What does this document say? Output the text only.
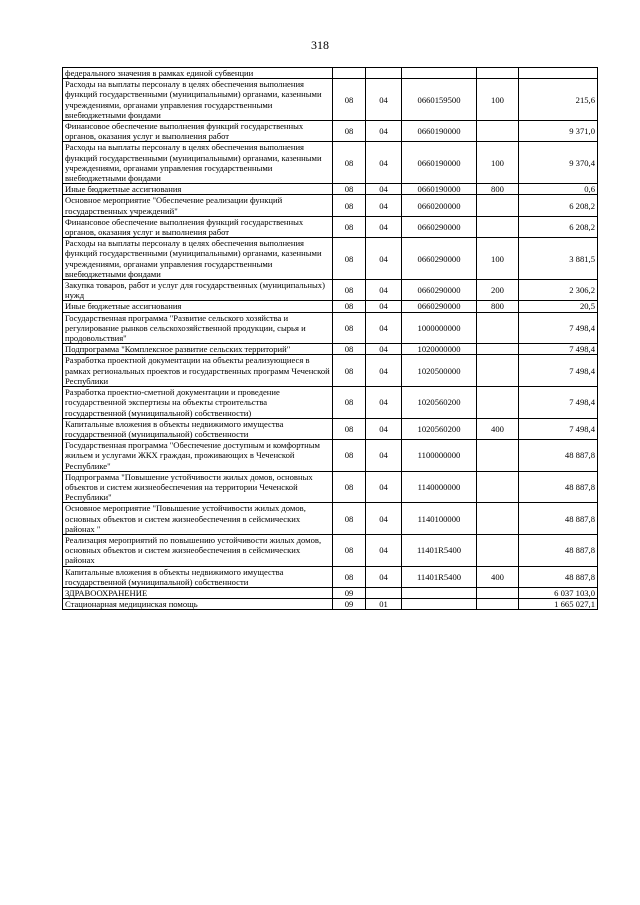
318
федерального значения в рамках единой субвенции					
Расходы на выплаты персоналу в целях обеспечения выполнения функций государственными (муниципальными) органами, казенными учреждениями, органами управления государственными внебюджетными фондами	08	04	0660159500	100	215,6
Финансовое обеспечение выполнения функций государственных органов, оказания услуг и выполнения работ	08	04	0660190000		9 371,0
Расходы на выплаты персоналу в целях обеспечения выполнения функций государственными (муниципальными) органами, казенными учреждениями, органами управления государственными внебюджетными фондами	08	04	0660190000	100	9 370,4
Иные бюджетные ассигнования	08	04	0660190000	800	0,6
Основное мероприятие "Обеспечение реализации функций государственных учреждений"	08	04	0660200000		6 208,2
Финансовое обеспечение выполнения функций государственных органов, оказания услуг и выполнения работ	08	04	0660290000		6 208,2
Расходы на выплаты персоналу в целях обеспечения выполнения функций государственными (муниципальными) органами, казенными учреждениями, органами управления государственными внебюджетными фондами	08	04	0660290000	100	3 881,5
Закупка товаров, работ и услуг для государственных (муниципальных) нужд	08	04	0660290000	200	2 306,2
Иные бюджетные ассигнования	08	04	0660290000	800	20,5
Государственная программа "Развитие сельского хозяйства и регулирование рынков сельскохозяйственной продукции, сырья и продовольствия"	08	04	1000000000		7 498,4
Подпрограмма "Комплексное развитие сельских территорий"	08	04	1020000000		7 498,4
Разработка проектной документации на объекты реализующиеся в рамках региональных проектов и государственных программ Чеченской Республики	08	04	1020500000		7 498,4
Разработка проектно-сметной документации и проведение государственной экспертизы на объекты строительства государственной (муниципальной) собственности)	08	04	1020560200		7 498,4
Капитальные вложения в объекты недвижимого имущества государственной (муниципальной) собственности	08	04	1020560200	400	7 498,4
Государственная программа "Обеспечение доступным и комфортным жильем и услугами ЖКХ граждан, проживающих в Чеченской Республике"	08	04	1100000000		48 887,8
Подпрограмма "Повышение устойчивости жилых домов, основных объектов и систем жизнеобеспечения на территории Чеченской Республики"	08	04	1140000000		48 887,8
Основное мероприятие "Повышение устойчивости жилых домов, основных объектов и систем жизнеобеспечения в сейсмических районах "	08	04	1140100000		48 887,8
Реализация мероприятий по повышению устойчивости жилых домов, основных объектов и систем жизнеобеспечения в сейсмических районах	08	04	11401R5400		48 887,8
Капитальные вложения в объекты недвижимого имущества государственной (муниципальной) собственности	08	04	11401R5400	400	48 887,8
ЗДРАВООХРАНЕНИЕ	09				6 037 103,0
Стационарная медицинская помощь	09	01			1 665 027,1
